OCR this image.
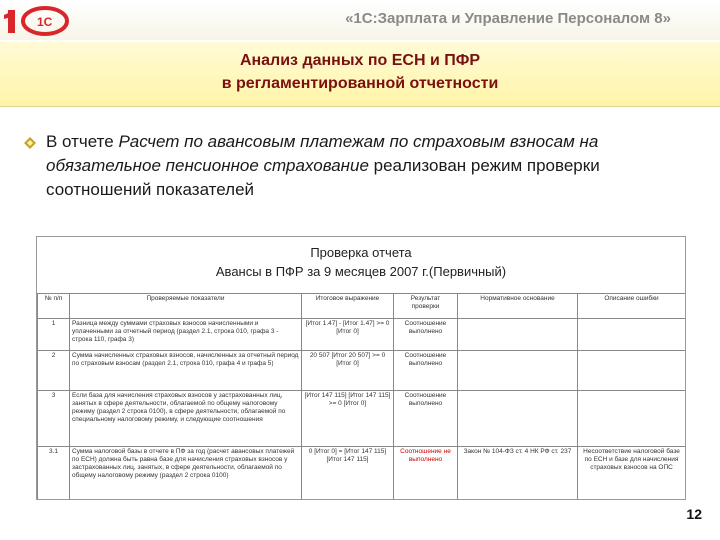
1С	«1С:Зарплата и Управление Персоналом 8»
Анализ данных по ЕСН и ПФР
в регламентированной отчетности
В отчете Расчет по авансовым платежам по страховым взносам на обязательное пенсионное страхование реализован режим проверки соотношений показателей
Проверка отчета
Авансы в ПФР за 9 месяцев 2007 г.(Первичный)
№ п/п	Проверяемые показатели	Итоговое выражение	Результат проверки	Нормативное основание	Описание ошибки
1	Разница между суммами страховых взносов начисленными и уплаченными за отчетный период (раздел 2.1, строка 010, графа 3 - строка 110, графа 3)	[Итог 1.47] - [Итог 1.47] >= 0 [Итог 0]	Соотношение выполнено		
2	Сумма начисленных страховых взносов, начисленных за отчетный период по страховым взносам (раздел 2.1, строка 010, графа 4 и графа 5)	20 507 [Итог 20 507] >= 0 [Итог 0]	Соотношение выполнено		
3	Если база для начисления страховых взносов у застрахованных лиц, занятых в сфере деятельности, облагаемой по общему налоговому режиму (раздел 2 строка 0100), в сфере деятельности, облагаемой по специальному налоговому режиму, и следующие соотношения	[Итог 147 115] [Итог 147 115] >= 0 [Итог 0]	Соотношение выполнено		
3.1	Сумма налоговой базы в отчете в ПФ за год (расчет авансовых платежей по ЕСН) должна быть равна базе для начисления страховых взносов у застрахованных лиц, занятых, в сфере деятельности, облагаемой по общему налоговому режиму (раздел 2 строка 0100)	0 [Итог 0] = [Итог 147 115] [Итог 147 115]	Соотношение не выполнено	Закон № 104-ФЗ ст. 4 НК РФ ст. 237	Несоответствие налоговой базе по ЕСН и базе для начисления страховых взносов на ОПС
12
